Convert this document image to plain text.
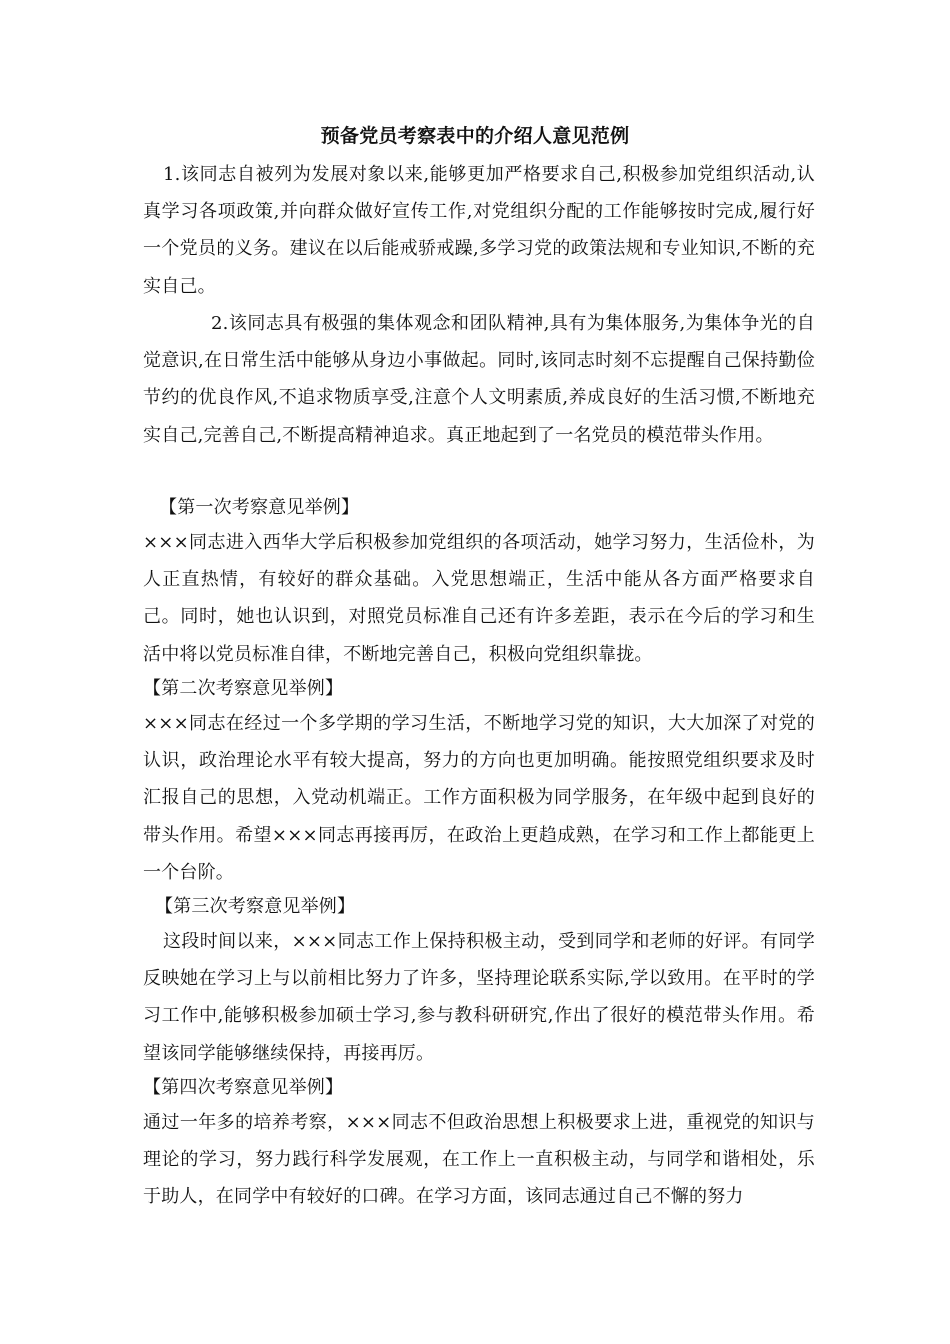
预备党员考察表中的介绍人意见范例
1.该同志自被列为发展对象以来,能够更加严格要求自己,积极参加党组织活动,认真学习各项政策,并向群众做好宣传工作,对党组织分配的工作能够按时完成,履行好一个党员的义务。建议在以后能戒骄戒躁,多学习党的政策法规和专业知识,不断的充实自己。
2.该同志具有极强的集体观念和团队精神,具有为集体服务,为集体争光的自觉意识,在日常生活中能够从身边小事做起。同时,该同志时刻不忘提醒自己保持勤俭节约的优良作风,不追求物质享受,注意个人文明素质,养成良好的生活习惯,不断地充实自己,完善自己,不断提高精神追求。真正地起到了一名党员的模范带头作用。
【第一次考察意见举例】
×××同志进入西华大学后积极参加党组织的各项活动，她学习努力，生活俭朴，为人正直热情，有较好的群众基础。入党思想端正，生活中能从各方面严格要求自己。同时，她也认识到，对照党员标准自己还有许多差距，表示在今后的学习和生活中将以党员标准自律，不断地完善自己，积极向党组织靠拢。
【第二次考察意见举例】
×××同志在经过一个多学期的学习生活，不断地学习党的知识，大大加深了对党的认识，政治理论水平有较大提高，努力的方向也更加明确。能按照党组织要求及时汇报自己的思想，入党动机端正。工作方面积极为同学服务，在年级中起到良好的带头作用。希望×××同志再接再厉，在政治上更趋成熟，在学习和工作上都能更上一个台阶。
【第三次考察意见举例】
这段时间以来，×××同志工作上保持积极主动，受到同学和老师的好评。有同学反映她在学习上与以前相比努力了许多，坚持理论联系实际,学以致用。在平时的学习工作中,能够积极参加硕士学习,参与教科研研究,作出了很好的模范带头作用。希望该同学能够继续保持，再接再厉。
【第四次考察意见举例】
通过一年多的培养考察，×××同志不但政治思想上积极要求上进，重视党的知识与理论的学习，努力践行科学发展观，在工作上一直积极主动，与同学和谐相处，乐于助人，在同学中有较好的口碑。在学习方面，该同志通过自己不懈的努力
